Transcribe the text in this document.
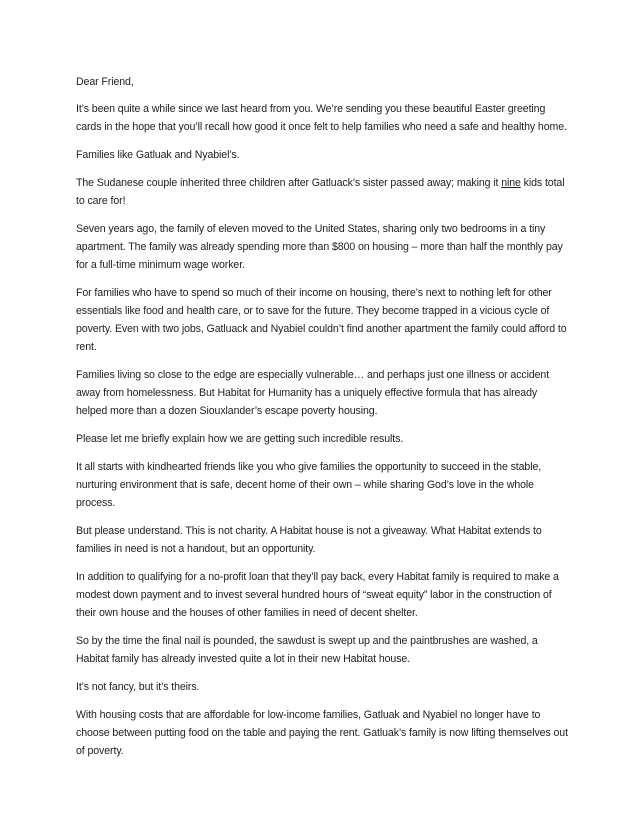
Dear Friend,

It’s been quite a while since we last heard from you. We’re sending you these beautiful Easter greeting cards in the hope that you’ll recall how good it once felt to help families who need a safe and healthy home.

Families like Gatluak and Nyabiel’s.

The Sudanese couple inherited three children after Gatluack’s sister passed away; making it nine kids total to care for!

Seven years ago, the family of eleven moved to the United States, sharing only two bedrooms in a tiny apartment. The family was already spending more than $800 on housing – more than half the monthly pay for a full-time minimum wage worker.

For families who have to spend so much of their income on housing, there’s next to nothing left for other essentials like food and health care, or to save for the future. They become trapped in a vicious cycle of poverty. Even with two jobs, Gatluack and Nyabiel couldn’t find another apartment the family could afford to rent.

Families living so close to the edge are especially vulnerable… and perhaps just one illness or accident away from homelessness. But Habitat for Humanity has a uniquely effective formula that has already helped more than a dozen Siouxlander’s escape poverty housing.

Please let me briefly explain how we are getting such incredible results.

It all starts with kindhearted friends like you who give families the opportunity to succeed in the stable, nurturing environment that is safe, decent home of their own – while sharing God’s love in the whole process.

But please understand. This is not charity. A Habitat house is not a giveaway. What Habitat extends to families in need is not a handout, but an opportunity.

In addition to qualifying for a no-profit loan that they’ll pay back, every Habitat family is required to make a modest down payment and to invest several hundred hours of “sweat equity” labor in the construction of their own house and the houses of other families in need of decent shelter.

So by the time the final nail is pounded, the sawdust is swept up and the paintbrushes are washed, a Habitat family has already invested quite a lot in their new Habitat house.

It’s not fancy, but it’s theirs.

With housing costs that are affordable for low-income families, Gatluak and Nyabiel no longer have to choose between putting food on the table and paying the rent. Gatluak’s family is now lifting themselves out of poverty.
